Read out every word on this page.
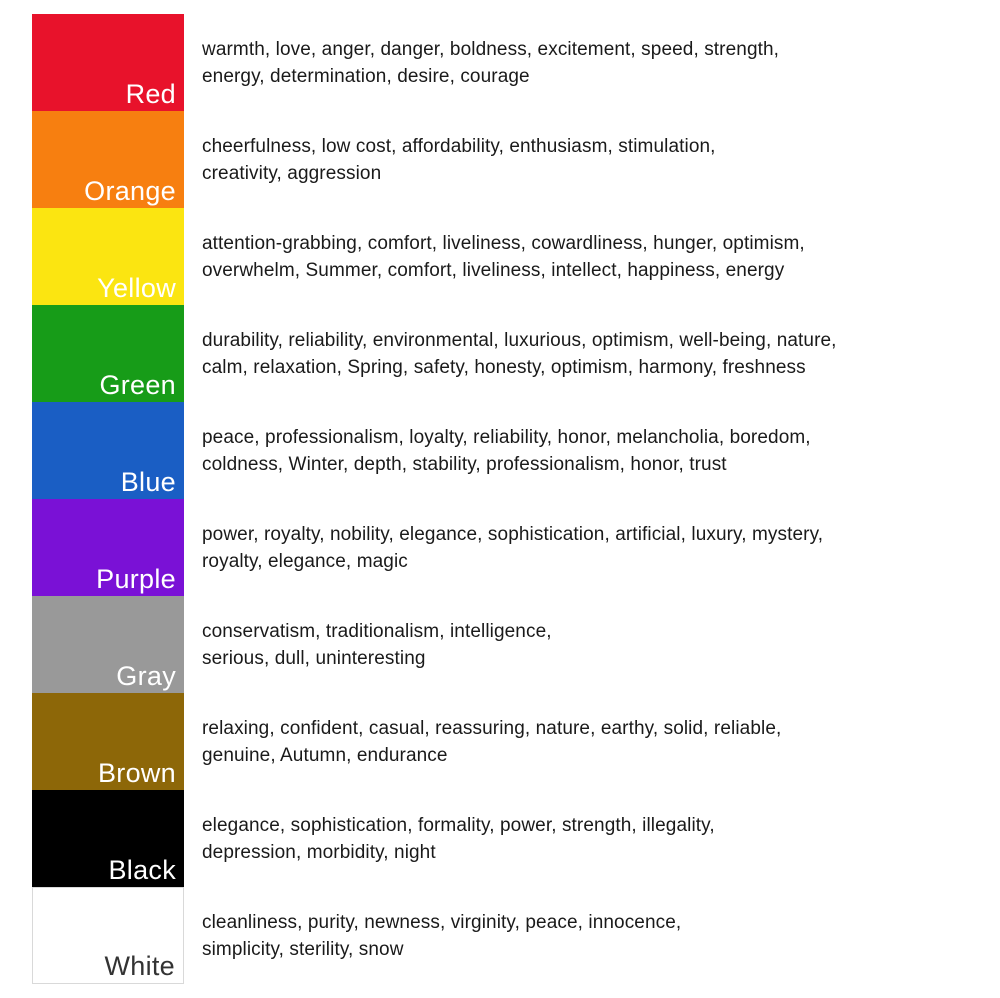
Red
warmth, love, anger, danger, boldness, excitement, speed, strength,
energy, determination, desire, courage
Orange
cheerfulness, low cost, affordability, enthusiasm, stimulation,
creativity, aggression
Yellow
attention-grabbing, comfort, liveliness, cowardliness, hunger, optimism,
overwhelm, Summer, comfort, liveliness, intellect, happiness, energy
Green
durability, reliability, environmental, luxurious, optimism, well-being, nature,
calm, relaxation, Spring, safety, honesty, optimism, harmony, freshness
Blue
peace, professionalism, loyalty, reliability, honor, melancholia, boredom,
coldness, Winter, depth, stability, professionalism, honor, trust
Purple
power, royalty, nobility, elegance, sophistication, artificial, luxury, mystery,
royalty, elegance, magic
Gray
conservatism, traditionalism, intelligence,
serious, dull, uninteresting
Brown
relaxing, confident, casual, reassuring, nature, earthy, solid, reliable,
genuine, Autumn, endurance
Black
elegance, sophistication, formality, power, strength, illegality,
depression, morbidity, night
White
cleanliness, purity, newness, virginity, peace, innocence,
simplicity, sterility, snow
